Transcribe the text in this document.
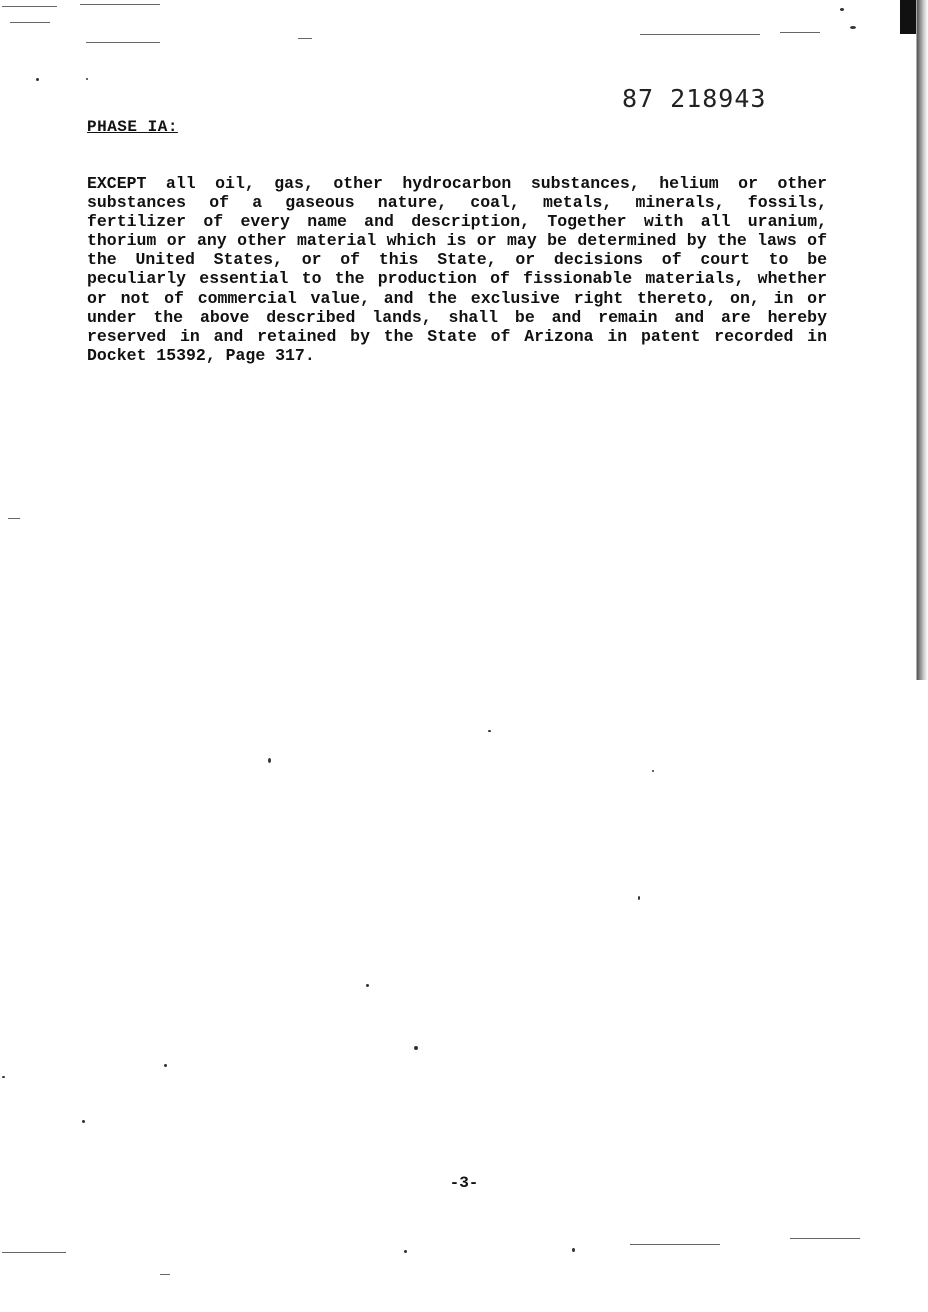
87 218943
PHASE IA:
EXCEPT all oil, gas, other hydrocarbon substances, helium or other substances of a gaseous nature, coal, metals, minerals, fossils, fertilizer of every name and description, Together with all uranium, thorium or any other material which is or may be determined by the laws of the United States, or of this State, or decisions of court to be peculiarly essential to the production of fissionable materials, whether or not of commercial value, and the exclusive right thereto, on, in or under the above described lands, shall be and remain and are hereby reserved in and retained by the State of Arizona in patent recorded in Docket 15392, Page 317.
-3-
